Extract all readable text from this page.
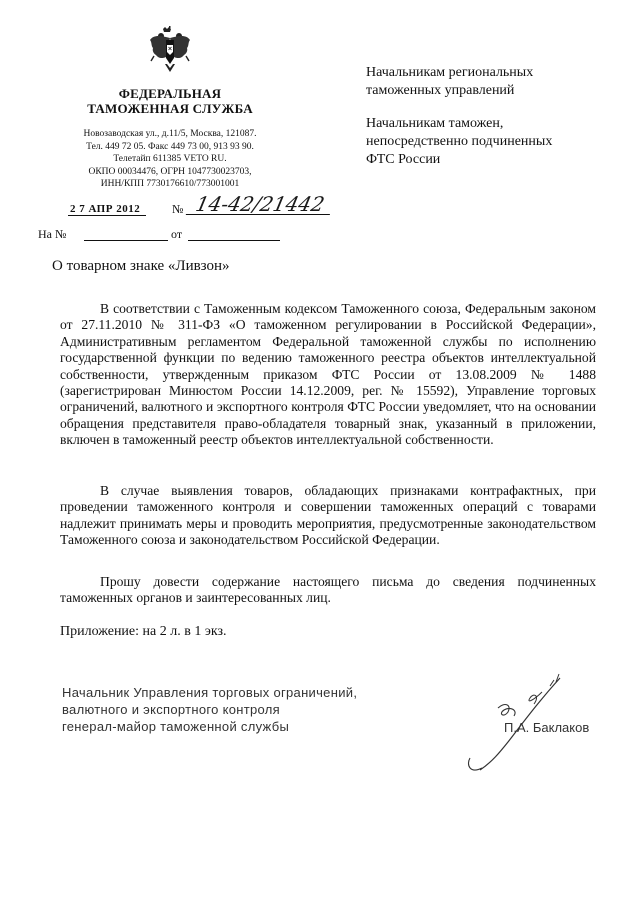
ФЕДЕРАЛЬНАЯ
ТАМОЖЕННАЯ СЛУЖБА
Новозаводская ул., д.11/5, Москва, 121087.
Тел. 449 72 05. Факс 449 73 00, 913 93 90.
Телетайп 611385 VETO RU.
ОКПО 00034476, ОГРН 1047730023703,
ИНН/КПП 7730176610/773001001
Начальникам региональных
таможенных управлений
Начальникам таможен,
непосредственно подчиненных
ФТС России
2 7 АПР 2012	№ 14-42/21442
На №	от
О товарном знаке «Ливзон»

В соответствии с Таможенным кодексом Таможенного союза, Федеральным законом от 27.11.2010 № 311-ФЗ «О таможенном регулировании в Российской Федерации», Административным регламентом Федеральной таможенной службы по исполнению государственной функции по ведению таможенного реестра объектов интеллектуальной собственности, утвержденным приказом ФТС России от 13.08.2009 № 1488 (зарегистрирован Минюстом России 14.12.2009, рег. № 15592), Управление торговых ограничений, валютного и экспортного контроля ФТС России уведомляет, что на основании обращения представителя право-обладателя товарный знак, указанный в приложении, включен в таможенный реестр объектов интеллектуальной собственности.

В случае выявления товаров, обладающих признаками контрафактных, при проведении таможенного контроля и совершении таможенных операций с товарами надлежит принимать меры и проводить мероприятия, предусмотренные законодательством Таможенного союза и законодательством Российской Федерации.

Прошу довести содержание настоящего письма до сведения подчиненных таможенных органов и заинтересованных лиц.

Приложение: на 2 л. в 1 экз.
Начальник Управления торговых ограничений,
валютного и экспортного контроля
генерал-майор таможенной службы	П.А. Баклаков
